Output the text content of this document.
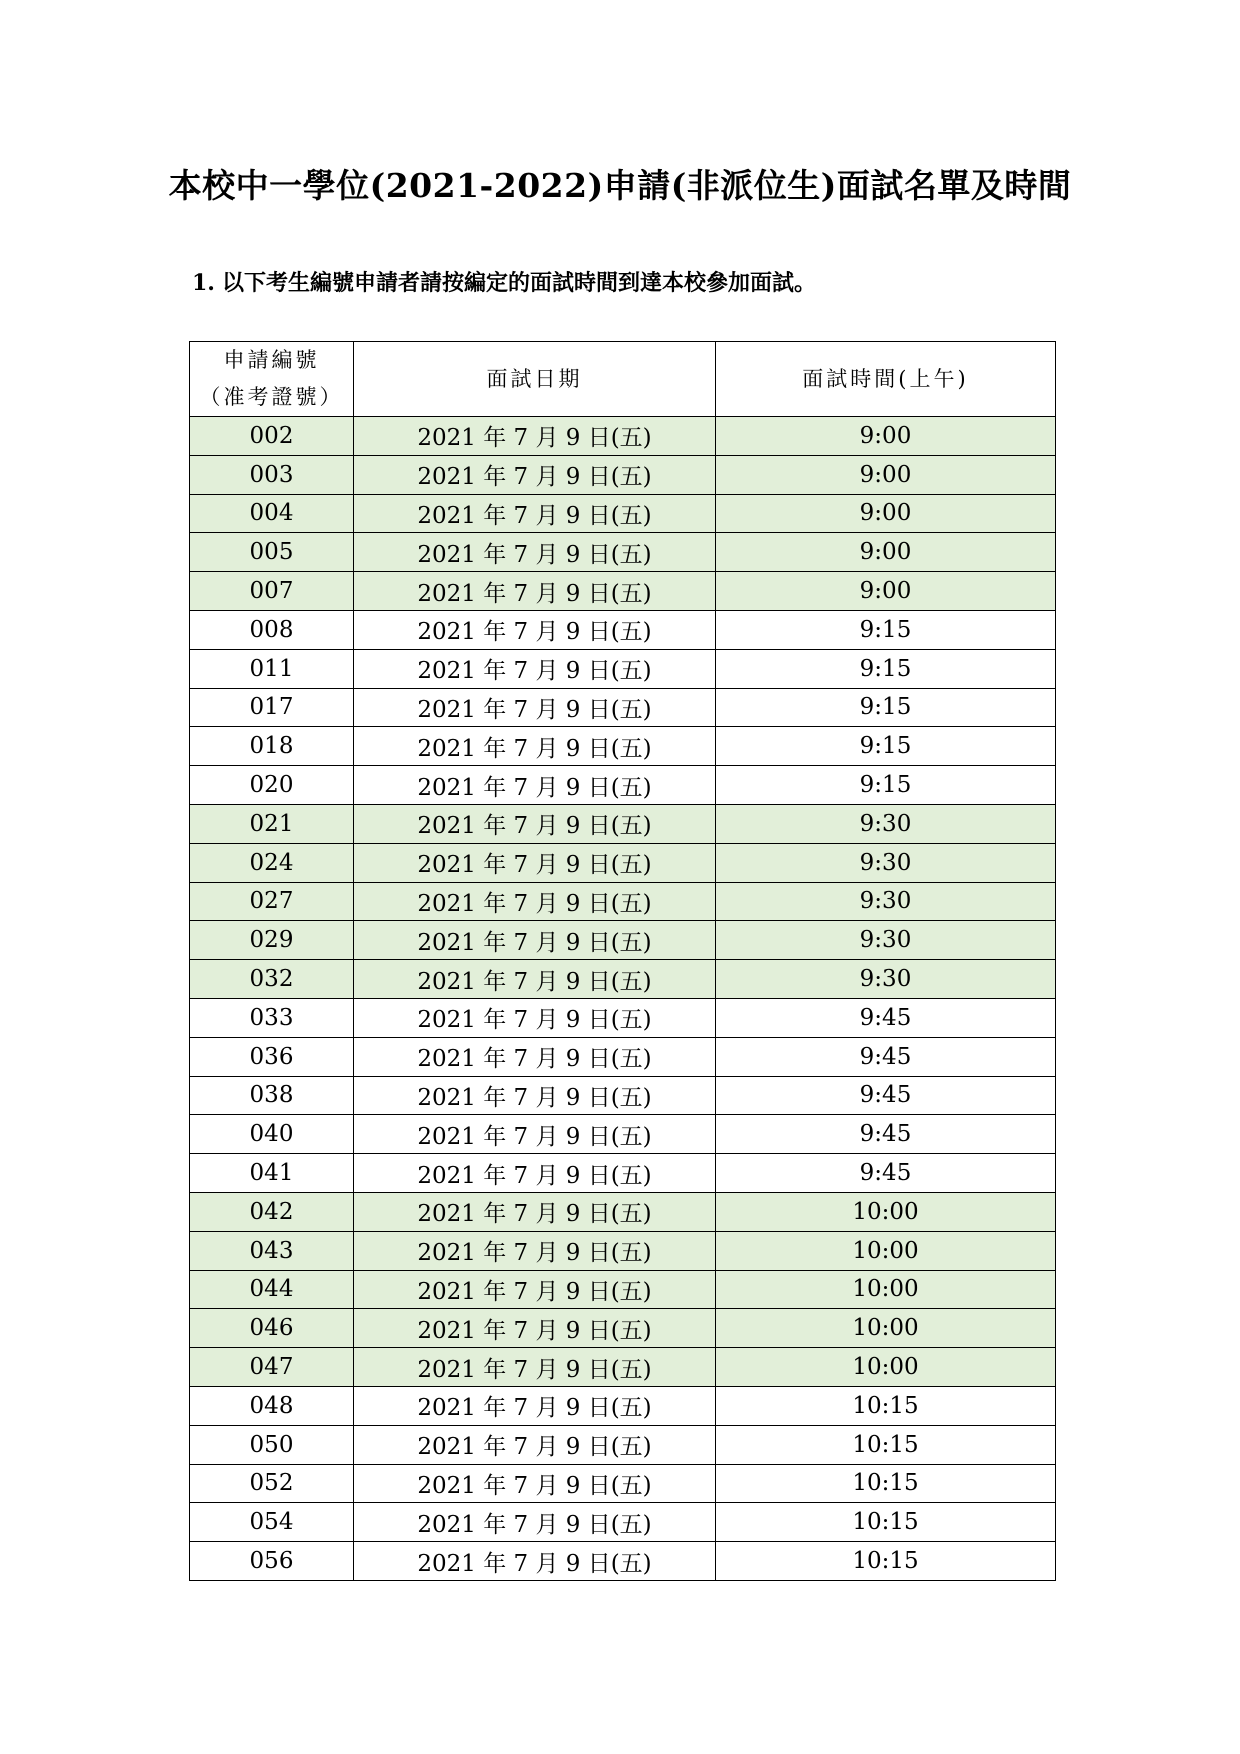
本校中一學位(2021-2022)申請(非派位生)面試名單及時間
1. 以下考生編號申請者請按編定的面試時間到達本校參加面試。
申請編號
（准考證號）	面試日期	面試時間(上午)
002	2021 年 7 月 9 日(五)	9:00
003	2021 年 7 月 9 日(五)	9:00
004	2021 年 7 月 9 日(五)	9:00
005	2021 年 7 月 9 日(五)	9:00
007	2021 年 7 月 9 日(五)	9:00
008	2021 年 7 月 9 日(五)	9:15
011	2021 年 7 月 9 日(五)	9:15
017	2021 年 7 月 9 日(五)	9:15
018	2021 年 7 月 9 日(五)	9:15
020	2021 年 7 月 9 日(五)	9:15
021	2021 年 7 月 9 日(五)	9:30
024	2021 年 7 月 9 日(五)	9:30
027	2021 年 7 月 9 日(五)	9:30
029	2021 年 7 月 9 日(五)	9:30
032	2021 年 7 月 9 日(五)	9:30
033	2021 年 7 月 9 日(五)	9:45
036	2021 年 7 月 9 日(五)	9:45
038	2021 年 7 月 9 日(五)	9:45
040	2021 年 7 月 9 日(五)	9:45
041	2021 年 7 月 9 日(五)	9:45
042	2021 年 7 月 9 日(五)	10:00
043	2021 年 7 月 9 日(五)	10:00
044	2021 年 7 月 9 日(五)	10:00
046	2021 年 7 月 9 日(五)	10:00
047	2021 年 7 月 9 日(五)	10:00
048	2021 年 7 月 9 日(五)	10:15
050	2021 年 7 月 9 日(五)	10:15
052	2021 年 7 月 9 日(五)	10:15
054	2021 年 7 月 9 日(五)	10:15
056	2021 年 7 月 9 日(五)	10:15
